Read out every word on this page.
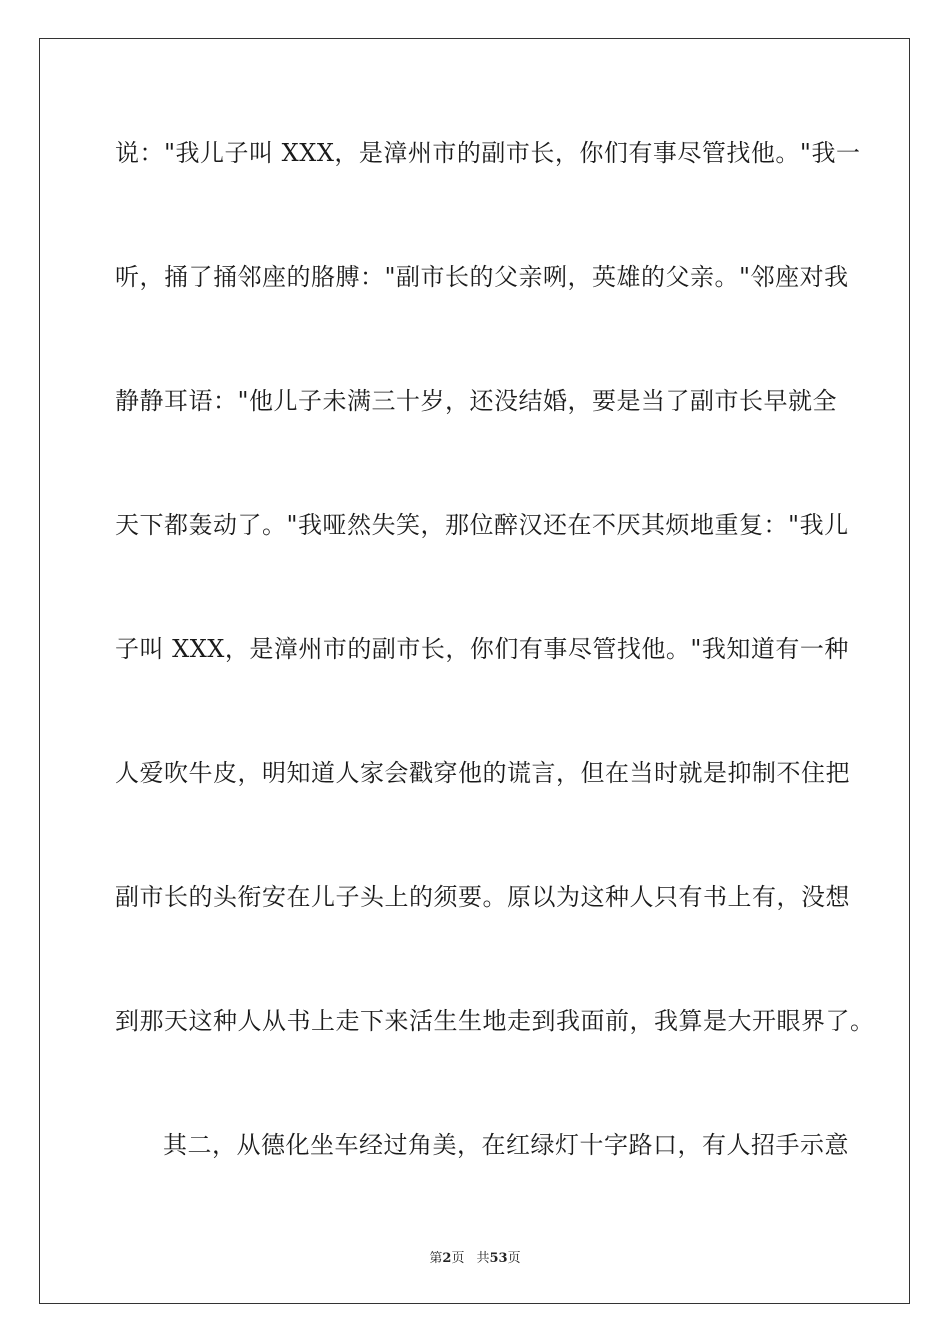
说："我儿子叫 XXX，是漳州市的副市长，你们有事尽管找他。"我一
听，捅了捅邻座的胳膊："副市长的父亲咧，英雄的父亲。"邻座对我
静静耳语："他儿子未满三十岁，还没结婚，要是当了副市长早就全
天下都轰动了。"我哑然失笑，那位醉汉还在不厌其烦地重复："我儿
子叫 XXX，是漳州市的副市长，你们有事尽管找他。"我知道有一种
人爱吹牛皮，明知道人家会戳穿他的谎言，但在当时就是抑制不住把
副市长的头衔安在儿子头上的须要。原以为这种人只有书上有，没想
到那天这种人从书上走下来活生生地走到我面前，我算是大开眼界了。
其二，从德化坐车经过角美，在红绿灯十字路口，有人招手示意
第2页 共53页
